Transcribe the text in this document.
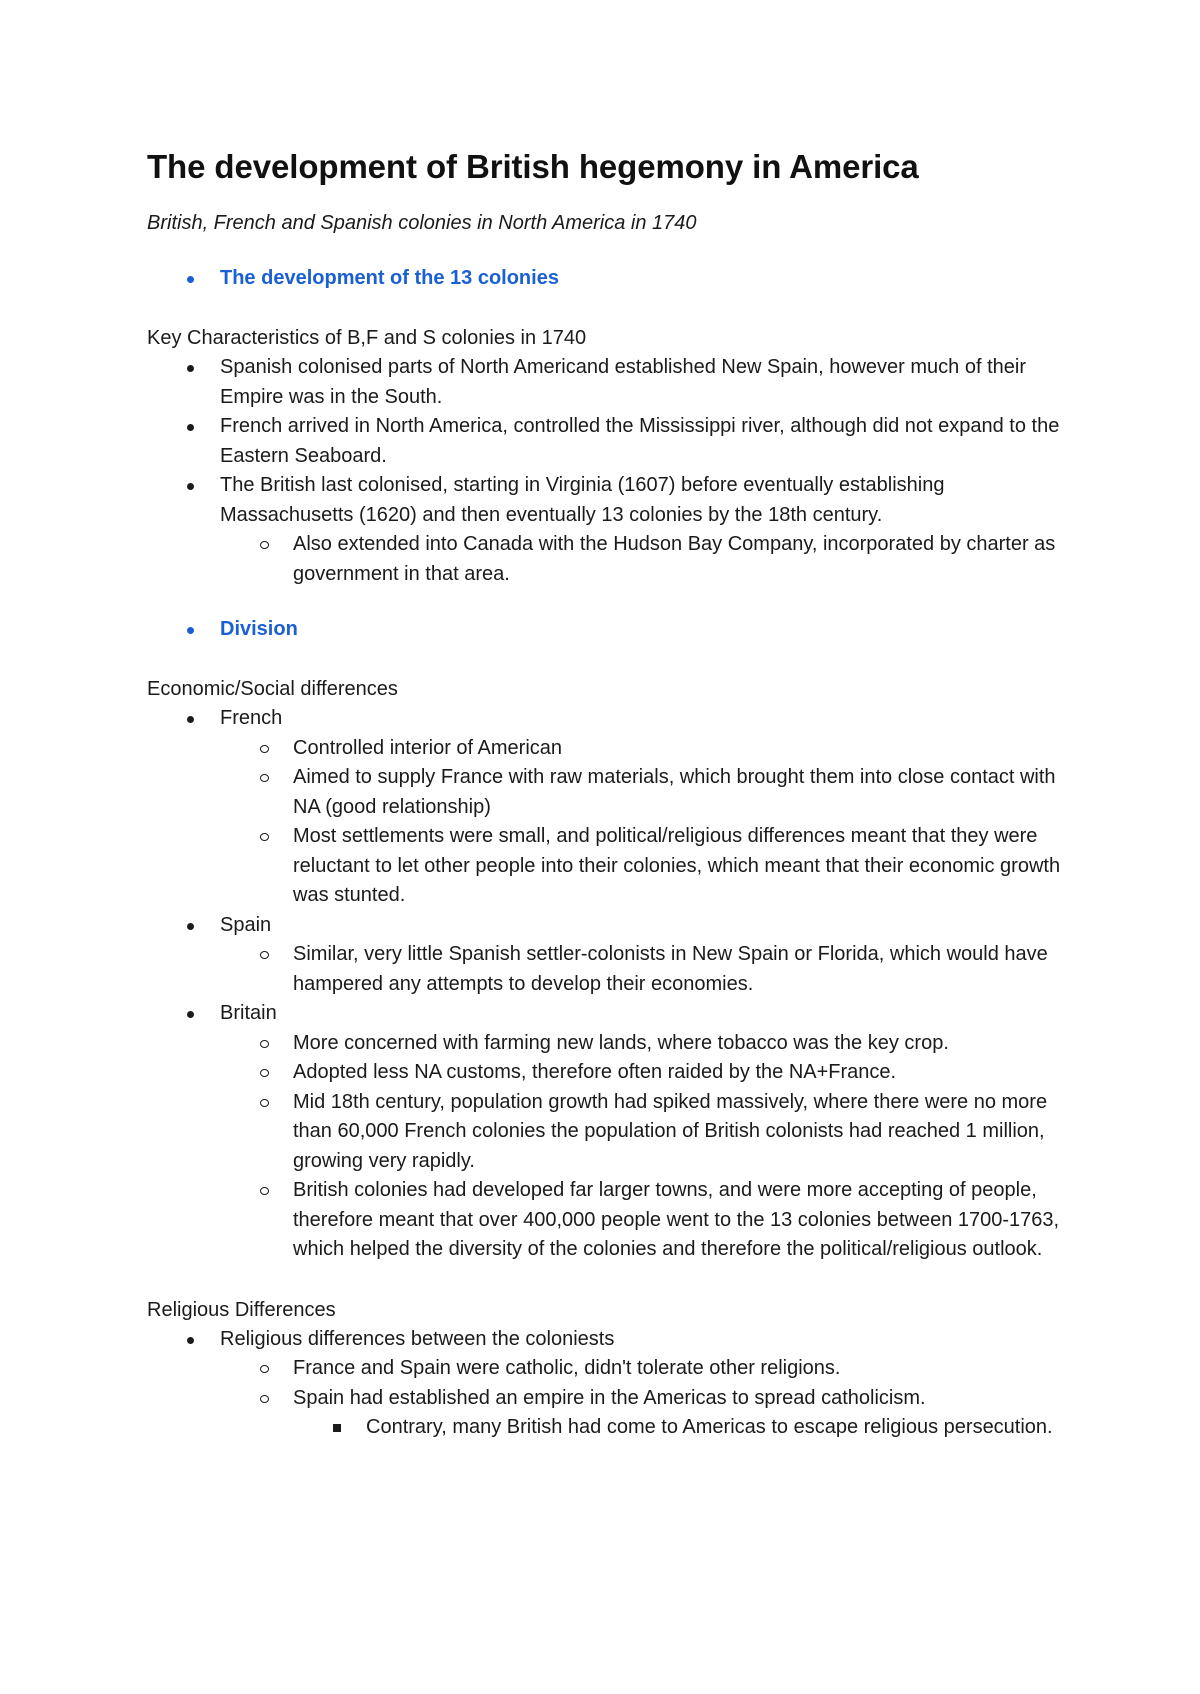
The development of British hegemony in America

British, French and Spanish colonies in North America in 1740

The development of the 13 colonies

Key Characteristics of B,F and S colonies in 1740

Spanish colonised parts of North Americand established New Spain, however much of their Empire was in the South.
French arrived in North America, controlled the Mississippi river, although did not expand to the Eastern Seaboard.
The British last colonised, starting in Virginia (1607) before eventually establishing Massachusetts (1620) and then eventually 13 colonies by the 18th century.
Also extended into Canada with the Hudson Bay Company, incorporated by charter as government in that area.
Division

Economic/Social differences

French
Controlled interior of American
Aimed to supply France with raw materials, which brought them into close contact with NA (good relationship)
Most settlements were small, and political/religious differences meant that they were reluctant to let other people into their colonies, which meant that their economic growth was stunted.
Spain
Similar, very little Spanish settler-colonists in New Spain or Florida, which would have hampered any attempts to develop their economies.
Britain
More concerned with farming new lands, where tobacco was the key crop.
Adopted less NA customs, therefore often raided by the NA+France.
Mid 18th century, population growth had spiked massively, where there were no more than 60,000 French colonies the population of British colonists had reached 1 million, growing very rapidly.
British colonies had developed far larger towns, and were more accepting of people, therefore meant that over 400,000 people went to the 13 colonies between 1700-1763, which helped the diversity of the colonies and therefore the political/religious outlook.

Religious Differences

Religious differences between the coloniests
France and Spain were catholic, didn't tolerate other religions.
Spain had established an empire in the Americas to spread catholicism.
Contrary, many British had come to Americas to escape religious persecution.
